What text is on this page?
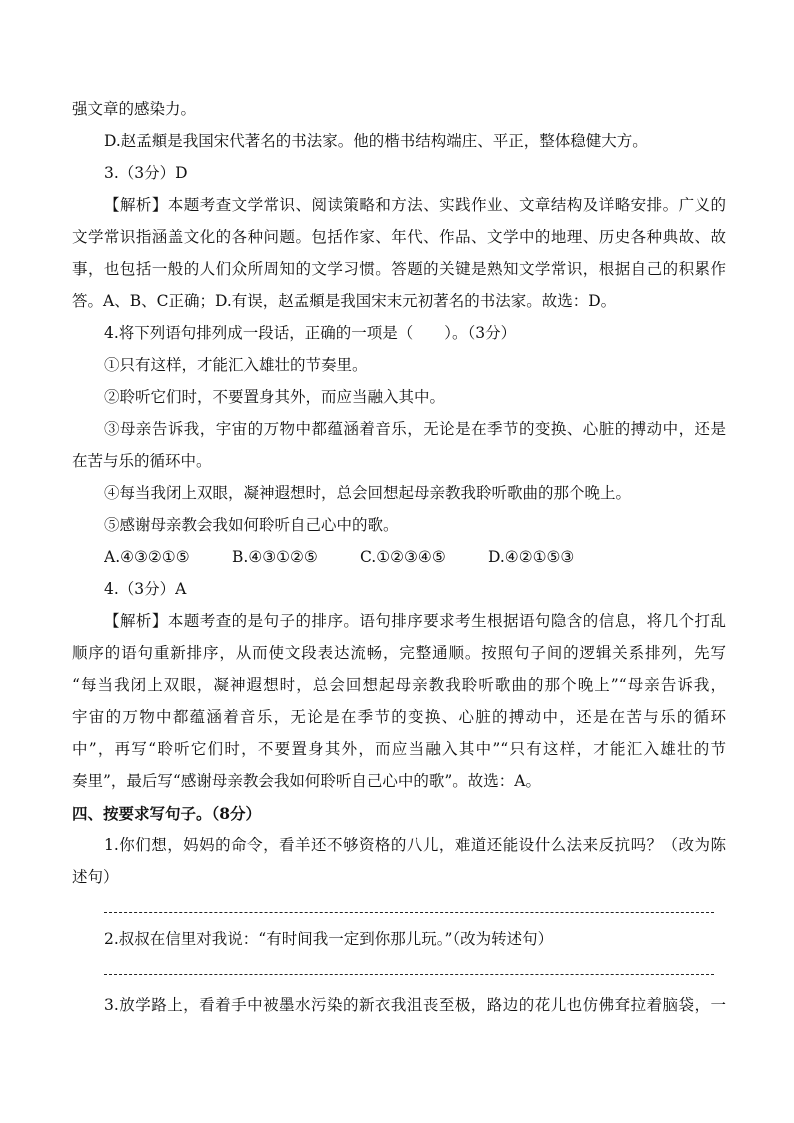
强文章的感染力。
D.赵孟頫是我国宋代著名的书法家。他的楷书结构端庄、平正，整体稳健大方。
3.（3分）D
【解析】本题考查文学常识、阅读策略和方法、实践作业、文章结构及详略安排。广义的
文学常识指涵盖文化的各种问题。包括作家、年代、作品、文学中的地理、历史各种典故、故
事，也包括一般的人们众所周知的文学习惯。答题的关键是熟知文学常识，根据自己的积累作
答。A、B、C正确；D.有误，赵孟頫是我国宋末元初著名的书法家。故选：D。
4.将下列语句排列成一段话，正确的一项是（　　）。（3分）
①只有这样，才能汇入雄壮的节奏里。
②聆听它们时，不要置身其外，而应当融入其中。
③母亲告诉我，宇宙的万物中都蕴涵着音乐，无论是在季节的变换、心脏的搏动中，还是
在苦与乐的循环中。
④每当我闭上双眼，凝神遐想时，总会回想起母亲教我聆听歌曲的那个晚上。
⑤感谢母亲教会我如何聆听自己心中的歌。
A.④③②①⑤	B.④③①②⑤	C.①②③④⑤	D.④②①⑤③
4.（3分）A
【解析】本题考查的是句子的排序。语句排序要求考生根据语句隐含的信息，将几个打乱
顺序的语句重新排序，从而使文段表达流畅，完整通顺。按照句子间的逻辑关系排列，先写
“每当我闭上双眼，凝神遐想时，总会回想起母亲教我聆听歌曲的那个晚上”“母亲告诉我，
宇宙的万物中都蕴涵着音乐，无论是在季节的变换、心脏的搏动中，还是在苦与乐的循环
中”，再写“聆听它们时，不要置身其外，而应当融入其中”“只有这样，才能汇入雄壮的节
奏里”，最后写“感谢母亲教会我如何聆听自己心中的歌”。故选：A。
四、按要求写句子。（8分）
1.你们想，妈妈的命令，看羊还不够资格的八儿，难道还能设什么法来反抗吗？（改为陈
述句）
2.叔叔在信里对我说：“有时间我一定到你那儿玩。”（改为转述句）
3.放学路上，看着手中被墨水污染的新衣我沮丧至极，路边的花儿也仿佛耷拉着脑袋，一
